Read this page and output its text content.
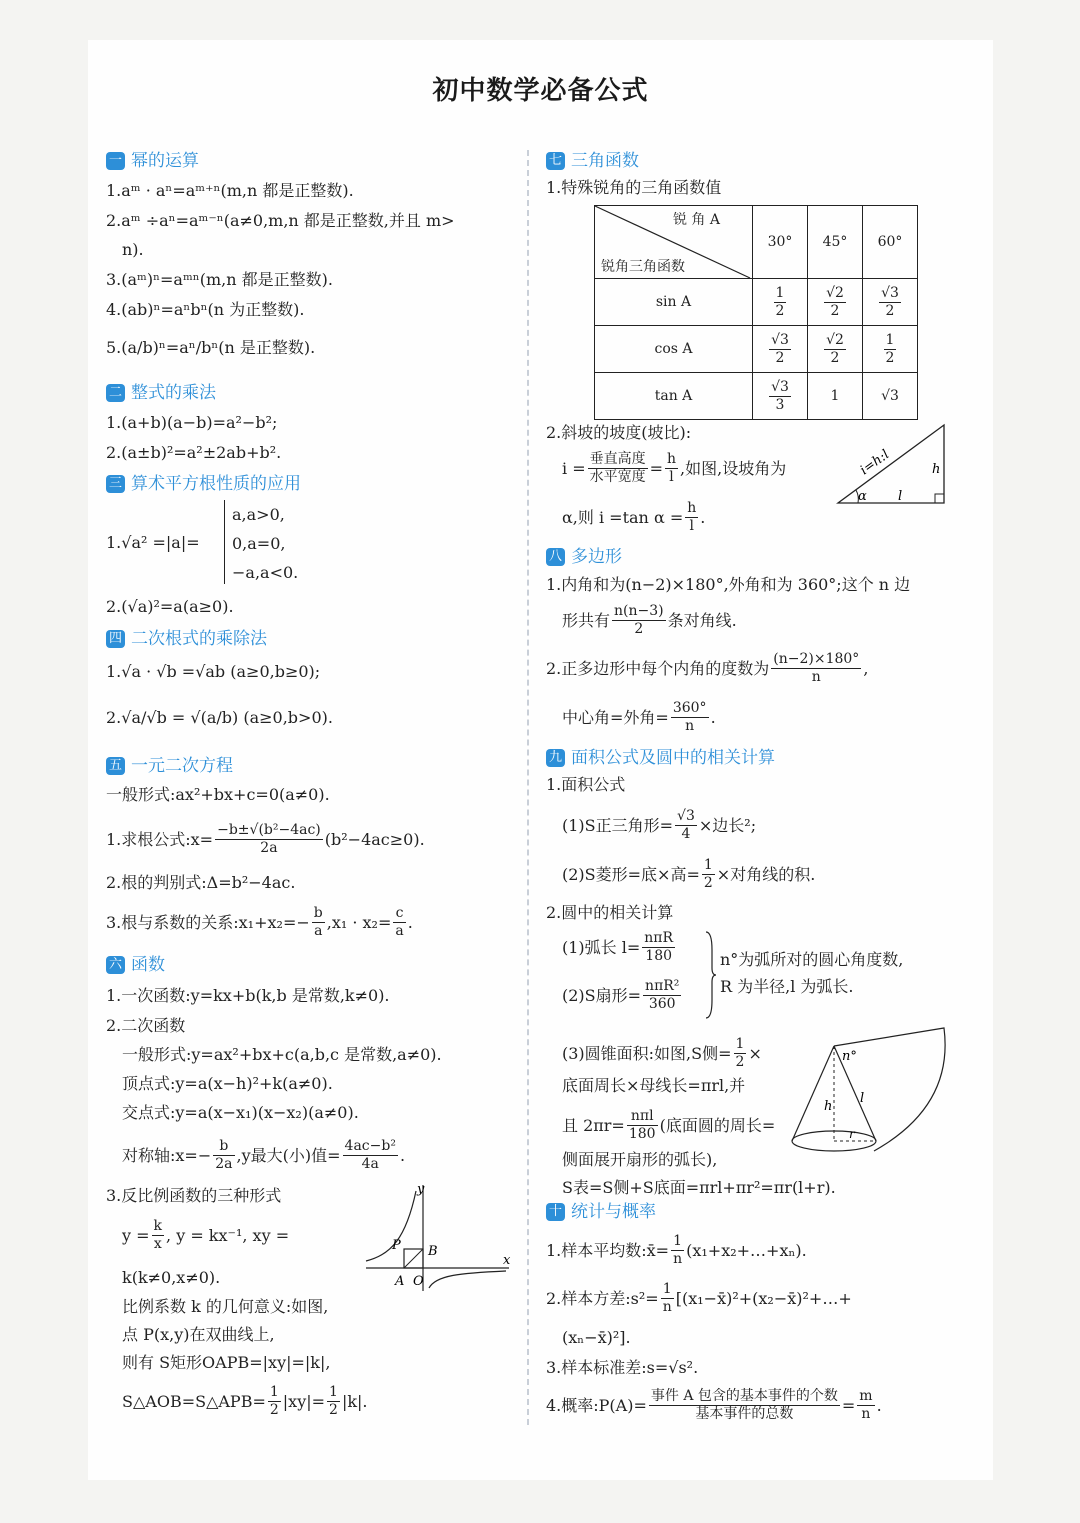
初中数学必备公式
一 幂的运算
1.aᵐ · aⁿ=aᵐ⁺ⁿ(m,n 都是正整数).
2.aᵐ ÷aⁿ=aᵐ⁻ⁿ(a≠0,m,n 都是正整数,并且 m>
n).
3.(aᵐ)ⁿ=aᵐⁿ(m,n 都是正整数).
4.(ab)ⁿ=aⁿbⁿ(n 为正整数).
5.(a/b)ⁿ=aⁿ/bⁿ(n 是正整数).
二 整式的乘法
1.(a+b)(a−b)=a²−b²;
2.(a±b)²=a²±2ab+b².
三 算术平方根性质的应用
1.√a² =|a|=
a,a>0,
0,a=0,
−a,a<0.
2.(√a)²=a(a≥0).
四 二次根式的乘除法
1.√a · √b =√ab (a≥0,b≥0);
2.√a/√b = √(a/b) (a≥0,b>0).
五 一元二次方程
一般形式:ax²+bx+c=0(a≠0).
1.求根公式:x= $\frac{\text{−b±√(b²−4ac)}}{2a} (b^2-4ac\ge 0)$.
2.根的判别式:Δ=b²−4ac.
3.根与系数的关系:x₁+x₂=− $\frac{b}{a} ,x_1 \cdot x_2= \frac{c}{a}$ .
六 函数
1.一次函数:y=kx+b(k,b 是常数,k≠0).
2.二次函数
一般形式:y=ax²+bx+c(a,b,c 是常数,a≠0).
顶点式:y=a(x−h)²+k(a≠0).
交点式:y=a(x−x₁)(x−x₂)(a≠0).
对称轴:x=− $\frac{b}{2a} ,y$最大(小)值= $\frac{\text{4ac−b²}}{4a}$ .
3.反比例函数的三种形式
$y = \frac{k}{x}$ , y = kx⁻¹, xy =
k(k≠0,x≠0).
比例系数 k 的几何意义:如图,
点 P(x,y)在双曲线上,
则有 S矩形OAPB=|xy|=|k|,
S△AOB=S△APB= $\frac{1}{2} |xy|= \frac{1}{2} |k|$.
y
x
P B
A O
七 三角函数
1.特殊锐角的三角函数值
锐 角 A
锐角三角函数	30°	45°	60°
sin A	$\frac{1}{2}$	$\frac{√2}{2}$	$\frac{√3}{2}$

cos A	$\frac{√3}{2}$	$\frac{√2}{2}$	$\frac{1}{2}$

tan A	$\frac{√3}{3}$	1	√3
2.斜坡的坡度(坡比):
$i = \frac{\text{垂直高度}}{\text{水平宽度}} = \frac{h}{l}$ ,如图,设坡角为
α,则 i =tan $\alpha = \frac{h}{l}$ .
i=h:l	h
α l
八 多边形
1.内角和为(n−2)×180°,外角和为 360°;这个 n 边
形共有 $\frac{n(n-3)}{2}$ 条对角线.
2.正多边形中每个内角的度数为 $\frac{(n-2)\times 180^\circ}{n}$ ,
中心角=外角= $\frac{360^\circ}{n}$ .
九 面积公式及圆中的相关计算
1.面积公式
(1)S正三角形= $\frac{√3}{4}$ ×边长²;
(2)S菱形=底×高= $\frac{1}{2}$ ×对角线的积.
2.圆中的相关计算
(1)弧长 $l= \frac{\text{nπR}}{180}$
(2)S扇形= $\frac{\text{nπR²}}{360}$
n°为弧所对的圆心角度数,
R 为半径,l 为弧长.
(3)圆锥面积:如图,S侧= $\frac{1}{2}$ ×
底面周长×母线长=πrl,并
且 $2\pi r= \frac{\text{nπl}}{180}$ (底面圆的周长=
侧面展开扇形的弧长),
S表=S侧+S底面=πrl+πr²=πr(l+r).
n°
h
l
r
十 统计与概率
1.样本平均数:x̄= $\frac{1}{n}$ (x₁+x₂+…+xₙ).
2.样本方差:s²= $\frac{1}{n}$ [(x₁−x̄)²+(x₂−x̄)²+…+
(xₙ−x̄)²].
3.样本标准差:s=√s².
4.概率:P(A)= $\frac{\text{事件 A 包含的基本事件的个数}}{\text{基本事件的总数}} = \frac{m}{n}$ .
